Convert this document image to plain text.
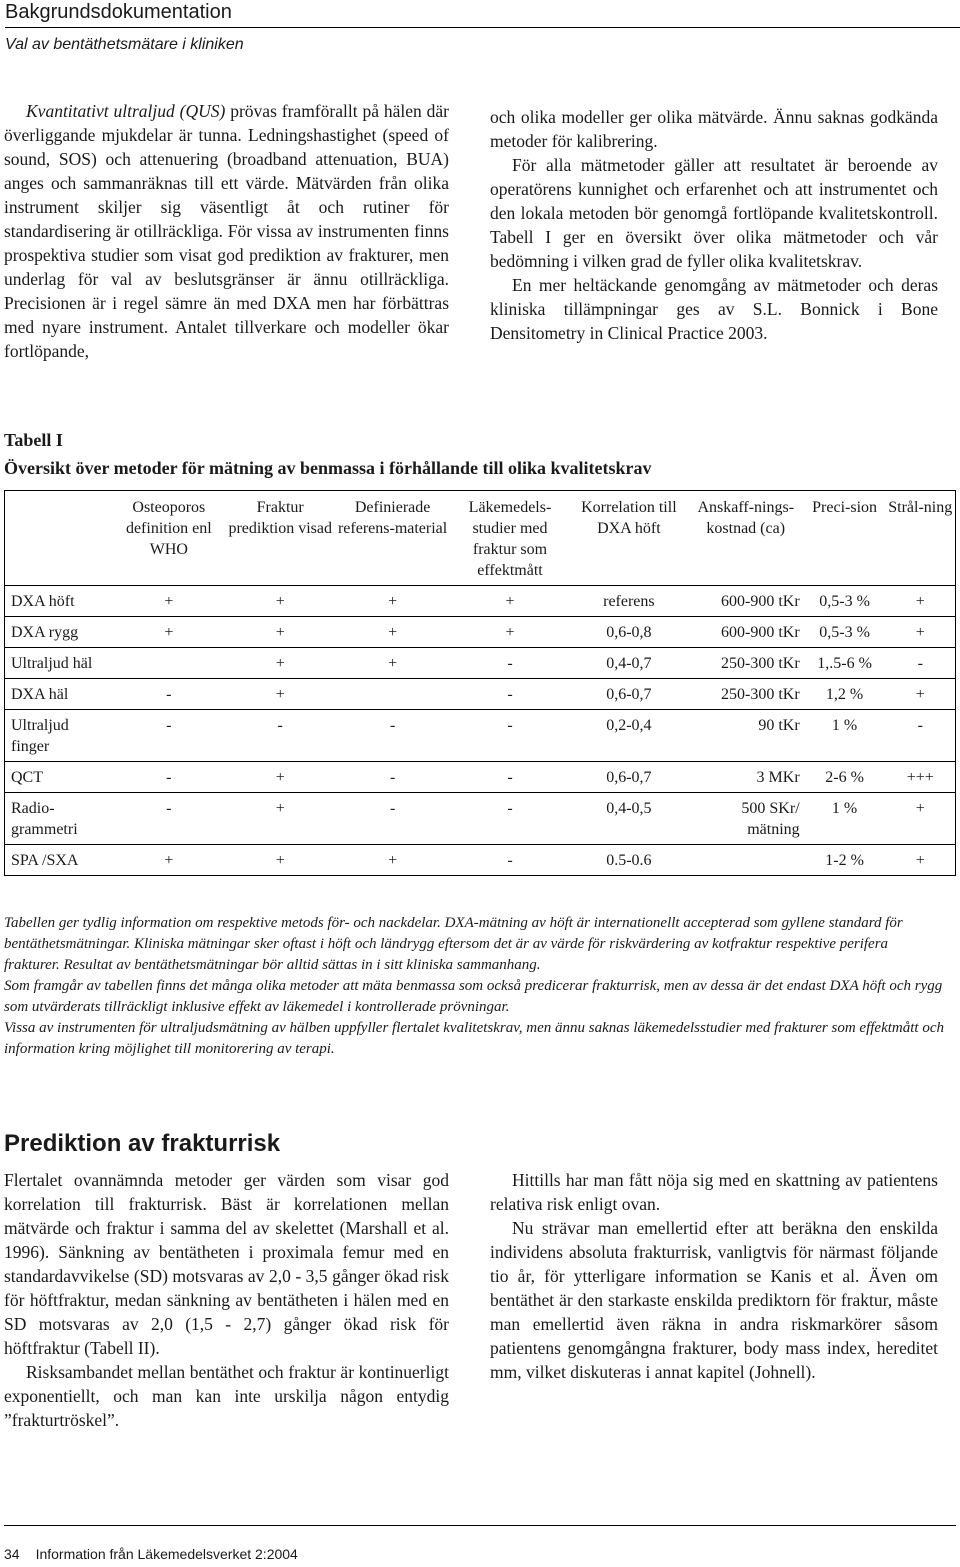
Bakgrundsdokumentation
Val av bentäthetsmätare i kliniken

Kvantitativt ultraljud (QUS) prövas framförallt på hälen där överliggande mjukdelar är tunna. Ledningshastighet (speed of sound, SOS) och attenuering (broadband attenuation, BUA) anges och sammanräknas till ett värde. Mätvärden från olika instrument skiljer sig väsentligt åt och rutiner för standardisering är otillräckliga. För vissa av instrumenten finns prospektiva studier som visat god prediktion av frakturer, men underlag för val av beslutsgränser är ännu otillräckliga. Precisionen är i regel sämre än med DXA men har förbättras med nyare instrument. Antalet tillverkare och modeller ökar fortlöpande,

och olika modeller ger olika mätvärde. Ännu saknas godkända metoder för kalibrering.

För alla mätmetoder gäller att resultatet är beroende av operatörens kunnighet och erfarenhet och att instrumentet och den lokala metoden bör genomgå fortlöpande kvalitetskontroll. Tabell I ger en översikt över olika mätmetoder och vår bedömning i vilken grad de fyller olika kvalitetskrav.

En mer heltäckande genomgång av mätmetoder och deras kliniska tillämpningar ges av S.L. Bonnick i Bone Densitometry in Clinical Practice 2003.

Tabell I
Översikt över metoder för mätning av benmassa i förhållande till olika kvalitetskrav
	Osteoporos definition enl WHO	Fraktur prediktion visad	Definierade referens-material	Läkemedels-studier med fraktur som effektmått	Korrelation till DXA höft	Anskaff-nings-kostnad (ca)	Preci-sion	Strål-ning
DXA höft	+	+	+	+	referens	600-900 tKr	0,5-3 %	+
DXA rygg	+	+	+	+	0,6-0,8	600-900 tKr	0,5-3 %	+
Ultraljud häl		+	+	-	0,4-0,7	250-300 tKr	1,.5-6 %	-
DXA häl	-	+		-	0,6-0,7	250-300 tKr	1,2 %	+
Ultraljud finger	-	-	-	-	0,2-0,4	90 tKr	1 %	-
QCT	-	+	-	-	0,6-0,7	3 MKr	2-6 %	+++
Radio-grammetri	-	+	-	-	0,4-0,5	500 SKr/ mätning	1 %	+
SPA /SXA	+	+	+	-	0.5-0.6		1-2 %	+

Tabellen ger tydlig information om respektive metods för- och nackdelar. DXA-mätning av höft är internationellt accepterad som gyllene standard för bentäthetsmätningar. Kliniska mätningar sker oftast i höft och ländrygg eftersom det är av värde för riskvärdering av kotfraktur respektive perifera frakturer. Resultat av bentäthetsmätningar bör alltid sättas in i sitt kliniska sammanhang.

Som framgår av tabellen finns det många olika metoder att mäta benmassa som också predicerar frakturrisk, men av dessa är det endast DXA höft och rygg som utvärderats tillräckligt inklusive effekt av läkemedel i kontrollerade prövningar.

Vissa av instrumenten för ultraljudsmätning av hälben uppfyller flertalet kvalitetskrav, men ännu saknas läkemedelsstudier med frakturer som effektmått och information kring möjlighet till monitorering av terapi.

Prediktion av frakturrisk

Flertalet ovannämnda metoder ger värden som visar god korrelation till frakturrisk. Bäst är korrelationen mellan mätvärde och fraktur i samma del av skelettet (Marshall et al. 1996). Sänkning av bentätheten i proximala femur med en standardavvikelse (SD) motsvaras av 2,0 - 3,5 gånger ökad risk för höftfraktur, medan sänkning av bentätheten i hälen med en SD motsvaras av 2,0 (1,5 - 2,7) gånger ökad risk för höftfraktur (Tabell II).

Risksambandet mellan bentäthet och fraktur är kontinuerligt exponentiellt, och man kan inte urskilja någon entydig ”frakturtröskel”.

Hittills har man fått nöja sig med en skattning av patientens relativa risk enligt ovan.

Nu strävar man emellertid efter att beräkna den enskilda individens absoluta frakturrisk, vanligtvis för närmast följande tio år, för ytterligare information se Kanis et al. Även om bentäthet är den starkaste enskilda prediktorn för fraktur, måste man emellertid även räkna in andra riskmarkörer såsom patientens genomgångna frakturer, body mass index, hereditet mm, vilket diskuteras i annat kapitel (Johnell).

34 Information från Läkemedelsverket 2:2004
